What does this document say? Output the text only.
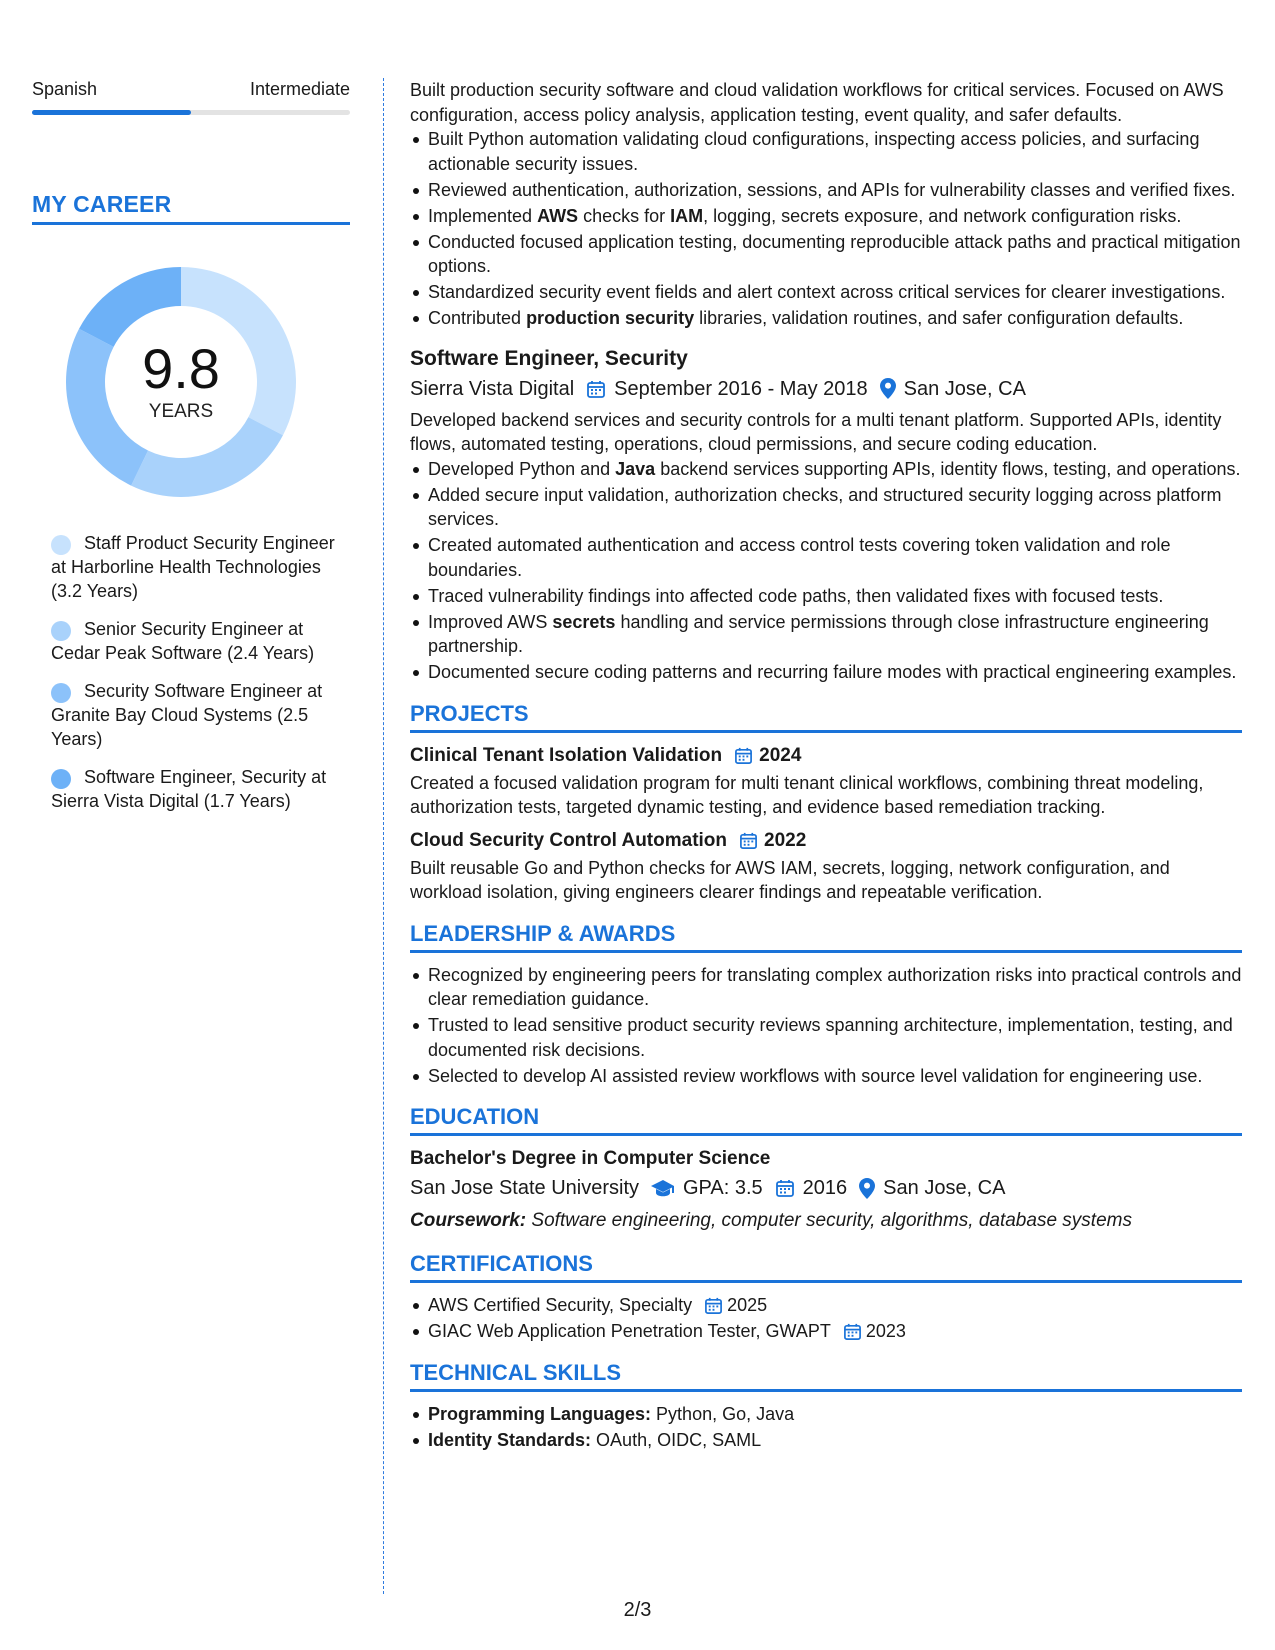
Spanish	Intermediate
MY CAREER
9.8
YEARS
Staff Product Security Engineer at Harborline Health Technologies (3.2 Years)
Senior Security Engineer at Cedar Peak Software (2.4 Years)
Security Software Engineer at Granite Bay Cloud Systems (2.5 Years)
Software Engineer, Security at Sierra Vista Digital (1.7 Years)

Built production security software and cloud validation workflows for critical services. Focused on AWS configuration, access policy analysis, application testing, event quality, and safer defaults.

Built Python automation validating cloud configurations, inspecting access policies, and surfacing actionable security issues.
Reviewed authentication, authorization, sessions, and APIs for vulnerability classes and verified fixes.
Implemented AWS checks for IAM, logging, secrets exposure, and network configuration risks.
Conducted focused application testing, documenting reproducible attack paths and practical mitigation options.
Standardized security event fields and alert context across critical services for clearer investigations.
Contributed production security libraries, validation routines, and safer configuration defaults.
Software Engineer, Security
Sierra Vista Digital September 2016 - May 2018 San Jose, CA

Developed backend services and security controls for a multi tenant platform. Supported APIs, identity flows, automated testing, operations, cloud permissions, and secure coding education.

Developed Python and Java backend services supporting APIs, identity flows, testing, and operations.
Added secure input validation, authorization checks, and structured security logging across platform services.
Created automated authentication and access control tests covering token validation and role boundaries.
Traced vulnerability findings into affected code paths, then validated fixes with focused tests.
Improved AWS secrets handling and service permissions through close infrastructure engineering partnership.
Documented secure coding patterns and recurring failure modes with practical engineering examples.
PROJECTS
Clinical Tenant Isolation Validation 2024

Created a focused validation program for multi tenant clinical workflows, combining threat modeling, authorization tests, targeted dynamic testing, and evidence based remediation tracking.

Cloud Security Control Automation 2022

Built reusable Go and Python checks for AWS IAM, secrets, logging, network configuration, and workload isolation, giving engineers clearer findings and repeatable verification.

LEADERSHIP & AWARDS
Recognized by engineering peers for translating complex authorization risks into practical controls and clear remediation guidance.
Trusted to lead sensitive product security reviews spanning architecture, implementation, testing, and documented risk decisions.
Selected to develop AI assisted review workflows with source level validation for engineering use.
EDUCATION
Bachelor's Degree in Computer Science
San Jose State University GPA: 3.5 2016 San Jose, CA
Coursework: Software engineering, computer security, algorithms, database systems
CERTIFICATIONS
AWS Certified Security, Specialty 2025
GIAC Web Application Penetration Tester, GWAPT 2023
TECHNICAL SKILLS
Programming Languages: Python, Go, Java
Identity Standards: OAuth, OIDC, SAML
2/3
